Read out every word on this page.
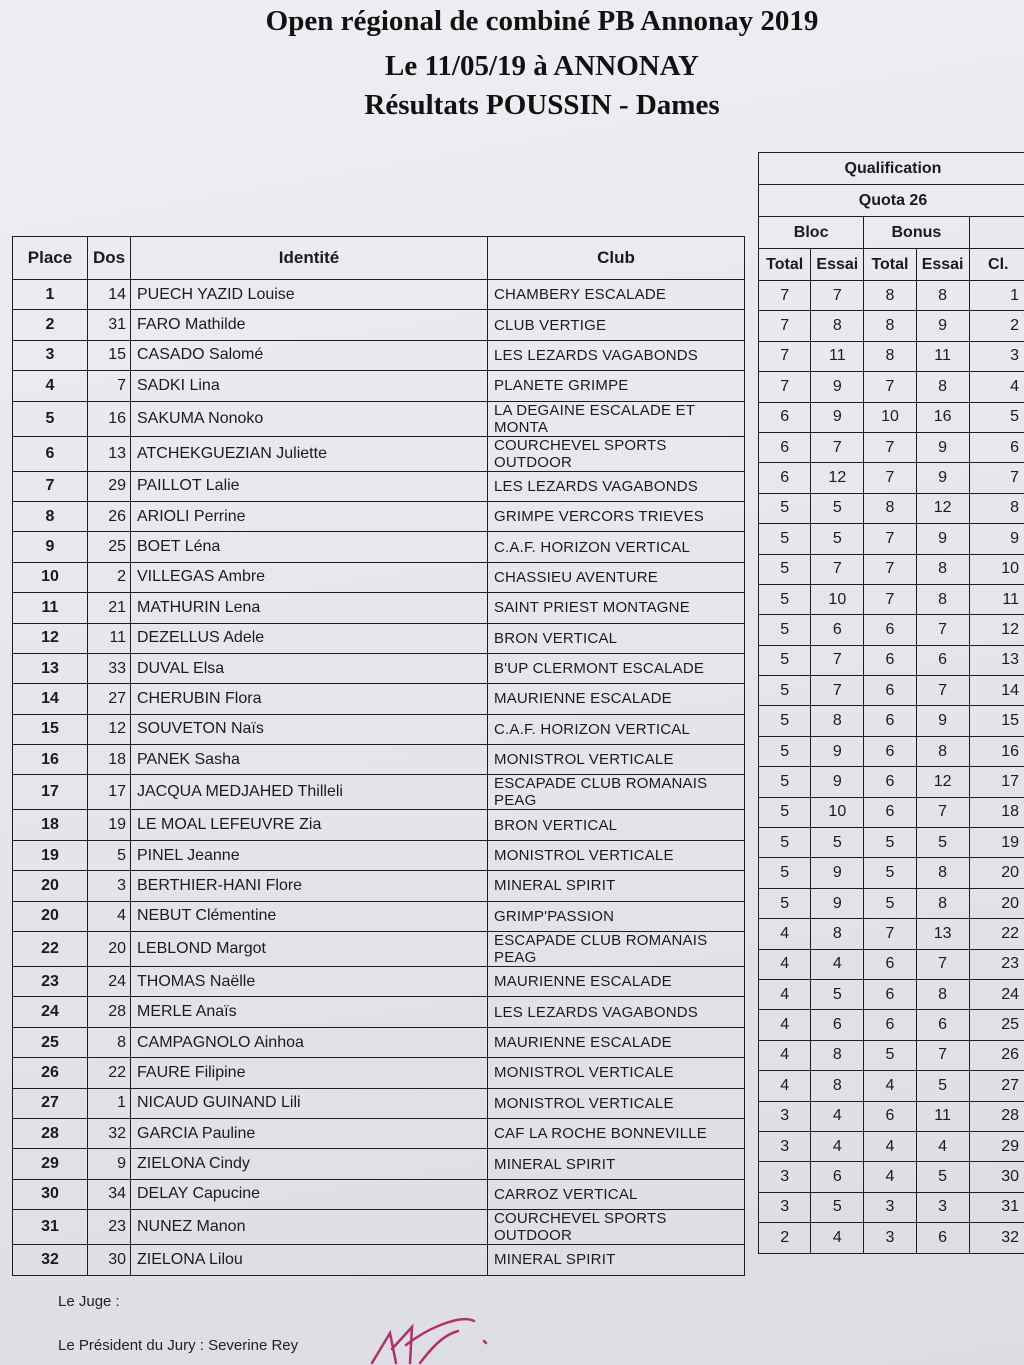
Open régional de combiné PB Annonay 2019
Le 11/05/19 à ANNONAY
Résultats POUSSIN - Dames
Place	Dos	Identité	Club
1	14	PUECH YAZID Louise	CHAMBERY ESCALADE
2	31	FARO Mathilde	CLUB VERTIGE
3	15	CASADO Salomé	LES LEZARDS VAGABONDS
4	7	SADKI Lina	PLANETE GRIMPE
5	16	SAKUMA Nonoko	LA DEGAINE ESCALADE ET MONTA
6	13	ATCHEKGUEZIAN Juliette	COURCHEVEL SPORTS OUTDOOR
7	29	PAILLOT Lalie	LES LEZARDS VAGABONDS
8	26	ARIOLI Perrine	GRIMPE VERCORS TRIEVES
9	25	BOET Léna	C.A.F. HORIZON VERTICAL
10	2	VILLEGAS Ambre	CHASSIEU AVENTURE
11	21	MATHURIN Lena	SAINT PRIEST MONTAGNE
12	11	DEZELLUS Adele	BRON VERTICAL
13	33	DUVAL Elsa	B'UP CLERMONT ESCALADE
14	27	CHERUBIN Flora	MAURIENNE ESCALADE
15	12	SOUVETON Naïs	C.A.F. HORIZON VERTICAL
16	18	PANEK Sasha	MONISTROL VERTICALE
17	17	JACQUA MEDJAHED Thilleli	ESCAPADE CLUB ROMANAIS PEAG
18	19	LE MOAL LEFEUVRE Zia	BRON VERTICAL
19	5	PINEL Jeanne	MONISTROL VERTICALE
20	3	BERTHIER-HANI Flore	MINERAL SPIRIT
20	4	NEBUT Clémentine	GRIMP'PASSION
22	20	LEBLOND Margot	ESCAPADE CLUB ROMANAIS PEAG
23	24	THOMAS Naëlle	MAURIENNE ESCALADE
24	28	MERLE Anaïs	LES LEZARDS VAGABONDS
25	8	CAMPAGNOLO Ainhoa	MAURIENNE ESCALADE
26	22	FAURE Filipine	MONISTROL VERTICALE
27	1	NICAUD GUINAND Lili	MONISTROL VERTICALE
28	32	GARCIA Pauline	CAF LA ROCHE BONNEVILLE
29	9	ZIELONA Cindy	MINERAL SPIRIT
30	34	DELAY Capucine	CARROZ VERTICAL
31	23	NUNEZ Manon	COURCHEVEL SPORTS OUTDOOR
32	30	ZIELONA Lilou	MINERAL SPIRIT
Qualification				
Quota 26				
Bloc		Bonus		
Total	Essai	Total	Essai	Cl.
7	7	8	8	1
7	8	8	9	2
7	11	8	11	3
7	9	7	8	4
6	9	10	16	5
6	7	7	9	6
6	12	7	9	7
5	5	8	12	8
5	5	7	9	9
5	7	7	8	10
5	10	7	8	11
5	6	6	7	12
5	7	6	6	13
5	7	6	7	14
5	8	6	9	15
5	9	6	8	16
5	9	6	12	17
5	10	6	7	18
5	5	5	5	19
5	9	5	8	20
5	9	5	8	20
4	8	7	13	22
4	4	6	7	23
4	5	6	8	24
4	6	6	6	25
4	8	5	7	26
4	8	4	5	27
3	4	6	11	28
3	4	4	4	29
3	6	4	5	30
3	5	3	3	31
2	4	3	6	32
Le Juge :
Le Président du Jury : Severine Rey
